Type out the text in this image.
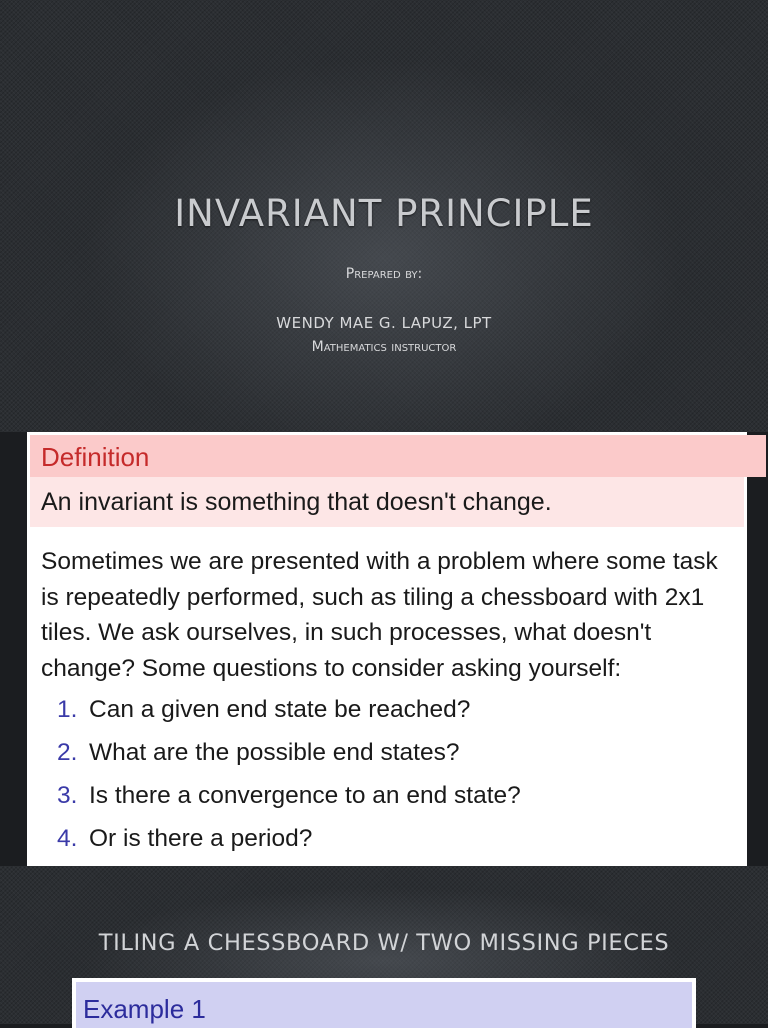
INVARIANT PRINCIPLE
Prepared by:
WENDY MAE G. LAPUZ, LPT
Mathematics instructor
Definition
An invariant is something that doesn't change.
Sometimes we are presented with a problem where some task is repeatedly performed, such as tiling a chessboard with 2x1 tiles. We ask ourselves, in such processes, what doesn't change? Some questions to consider asking yourself:
1. Can a given end state be reached?
2. What are the possible end states?
3. Is there a convergence to an end state?
4. Or is there a period?
TILING A CHESSBOARD W/ TWO MISSING PIECES
Example 1
